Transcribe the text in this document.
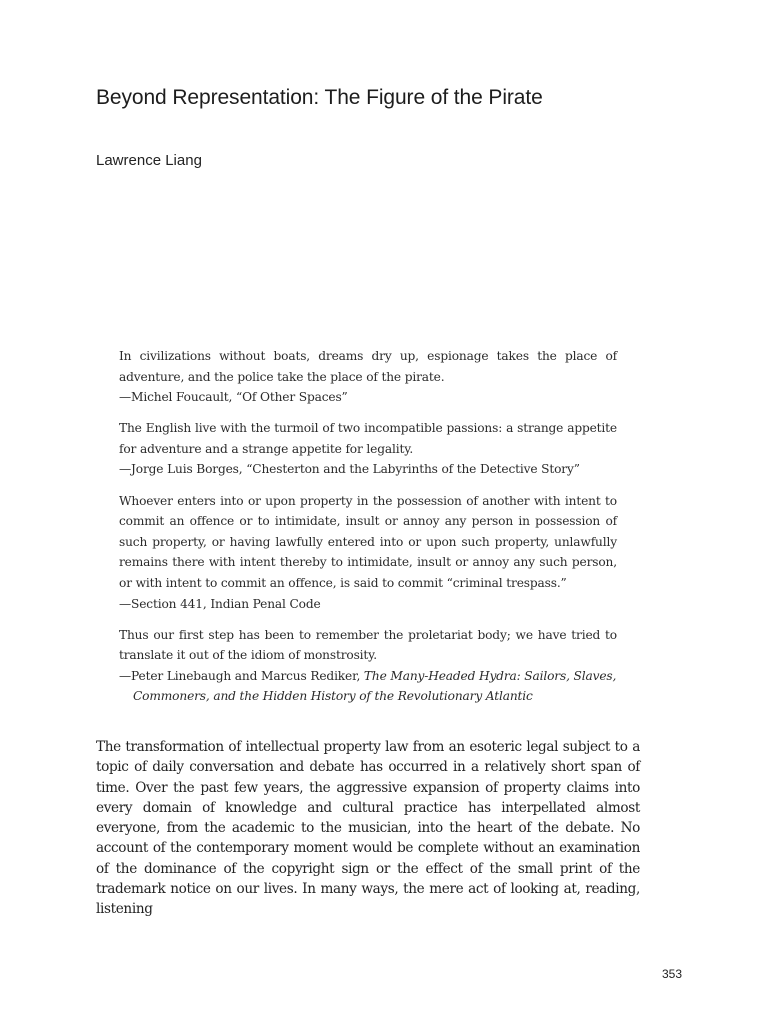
Beyond Representation: The Figure of the Pirate
Lawrence Liang
In civilizations without boats, dreams dry up, espionage takes the place of adventure, and the police take the place of the pirate.
—Michel Foucault, “Of Other Spaces”
The English live with the turmoil of two incompatible passions: a strange appetite for adventure and a strange appetite for legality.
—Jorge Luis Borges, “Chesterton and the Labyrinths of the Detective Story”
Whoever enters into or upon property in the possession of another with intent to commit an offence or to intimidate, insult or annoy any person in possession of such property, or having lawfully entered into or upon such property, unlawfully remains there with intent thereby to intimidate, insult or annoy any such person, or with intent to commit an offence, is said to commit “criminal trespass.”
—Section 441, Indian Penal Code
Thus our first step has been to remember the proletariat body; we have tried to translate it out of the idiom of monstrosity.
—Peter Linebaugh and Marcus Rediker, The Many-Headed Hydra: Sailors, Slaves,
Commoners, and the Hidden History of the Revolutionary Atlantic

The transformation of intellectual property law from an esoteric legal subject to a topic of daily conversation and debate has occurred in a relatively short span of time. Over the past few years, the aggressive expansion of property claims into every domain of knowledge and cultural practice has interpellated almost everyone, from the academic to the musician, into the heart of the debate. No account of the contemporary moment would be complete without an examination of the dominance of the copyright sign or the effect of the small print of the trademark notice on our lives. In many ways, the mere act of looking at, reading, listening

353
